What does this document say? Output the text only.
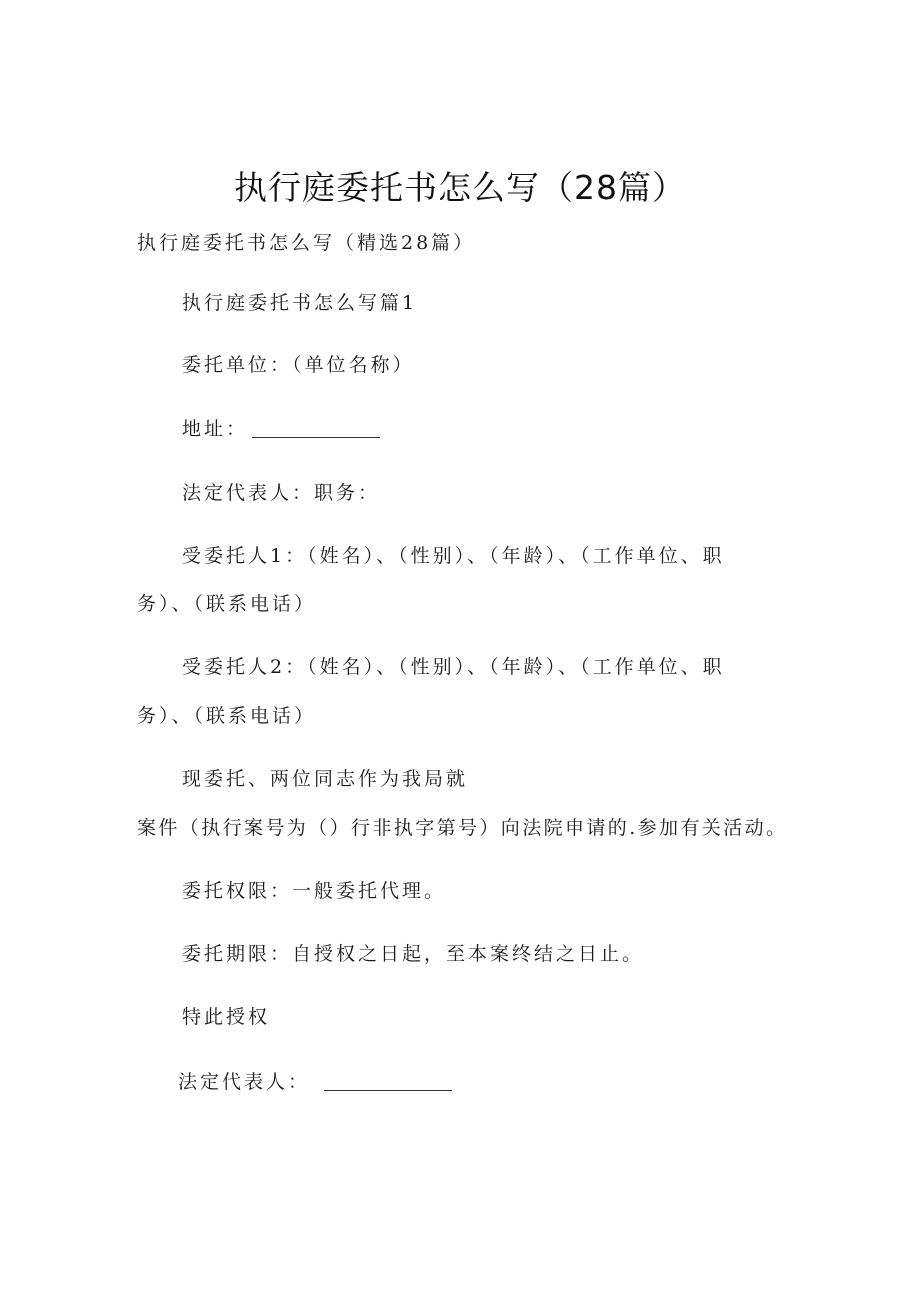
执行庭委托书怎么写（28篇）
执行庭委托书怎么写（精选28篇）
执行庭委托书怎么写篇1
委托单位：（单位名称）
地址：
法定代表人：职务：
受委托人1：（姓名）、（性别）、（年龄）、（工作单位、职
务）、（联系电话）
受委托人2：（姓名）、（性别）、（年龄）、（工作单位、职
务）、（联系电话）
现委托、两位同志作为我局就
案件（执行案号为（）行非执字第号）向法院申请的.参加有关活动。
委托权限：一般委托代理。
委托期限：自授权之日起，至本案终结之日止。
特此授权
法定代表人：
